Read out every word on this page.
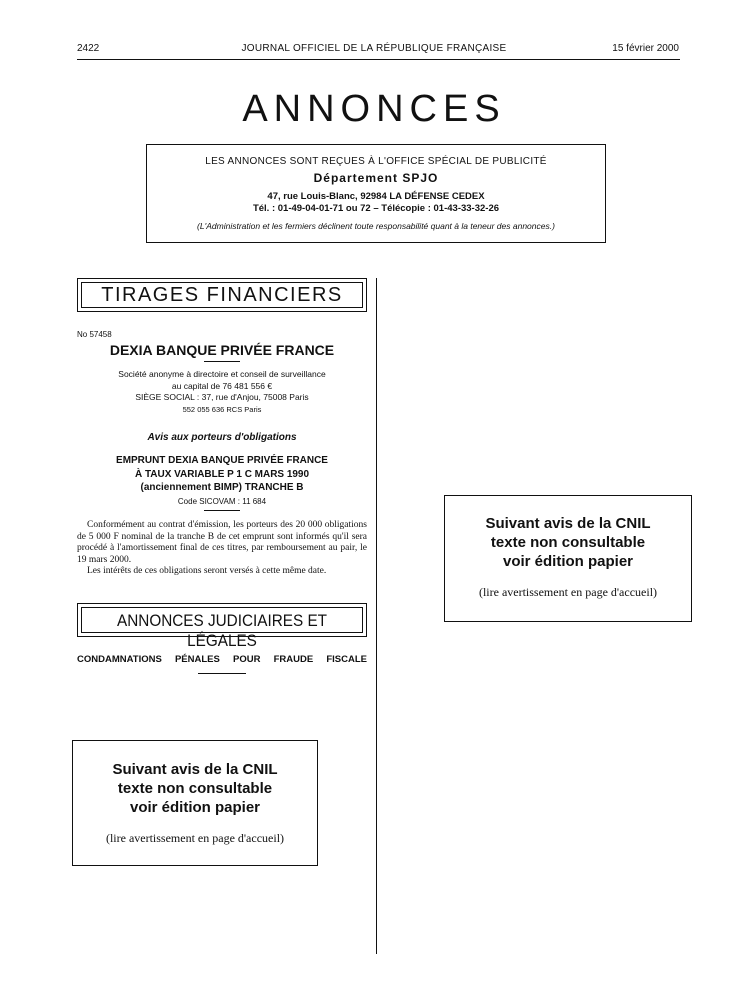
2422	JOURNAL OFFICIEL DE LA RÉPUBLIQUE FRANÇAISE	15 février 2000
ANNONCES
LES ANNONCES SONT REÇUES À L'OFFICE SPÉCIAL DE PUBLICITÉ
Département SPJO
47, rue Louis-Blanc, 92984 LA DÉFENSE CEDEX
Tél. : 01-49-04-01-71 ou 72 – Télécopie : 01-43-33-32-26
(L'Administration et les fermiers déclinent toute responsabilité quant à la teneur des annonces.)
TIRAGES FINANCIERS
No 57458
DEXIA BANQUE PRIVÉE FRANCE
Société anonyme à directoire et conseil de surveillance
au capital de 76 481 556 €
SIÈGE SOCIAL : 37, rue d'Anjou, 75008 Paris
552 055 636 RCS Paris
Avis aux porteurs d'obligations
EMPRUNT DEXIA BANQUE PRIVÉE FRANCE
À TAUX VARIABLE P 1 C MARS 1990
(anciennement BIMP) TRANCHE B
Code SICOVAM : 11 684

Conformément au contrat d'émission, les porteurs des 20 000 obligations de 5 000 F nominal de la tranche B de cet emprunt sont informés qu'il sera procédé à l'amortissement final de ces titres, par remboursement au pair, le 19 mars 2000.

Les intérêts de ces obligations seront versés à cette même date.

ANNONCES JUDICIAIRES ET LÉGALES
CONDAMNATIONS PÉNALES POUR FRAUDE FISCALE
Suivant avis de la CNIL
texte non consultable
voir édition papier
(lire avertissement en page d'accueil)
Suivant avis de la CNIL
texte non consultable
voir édition papier
(lire avertissement en page d'accueil)
